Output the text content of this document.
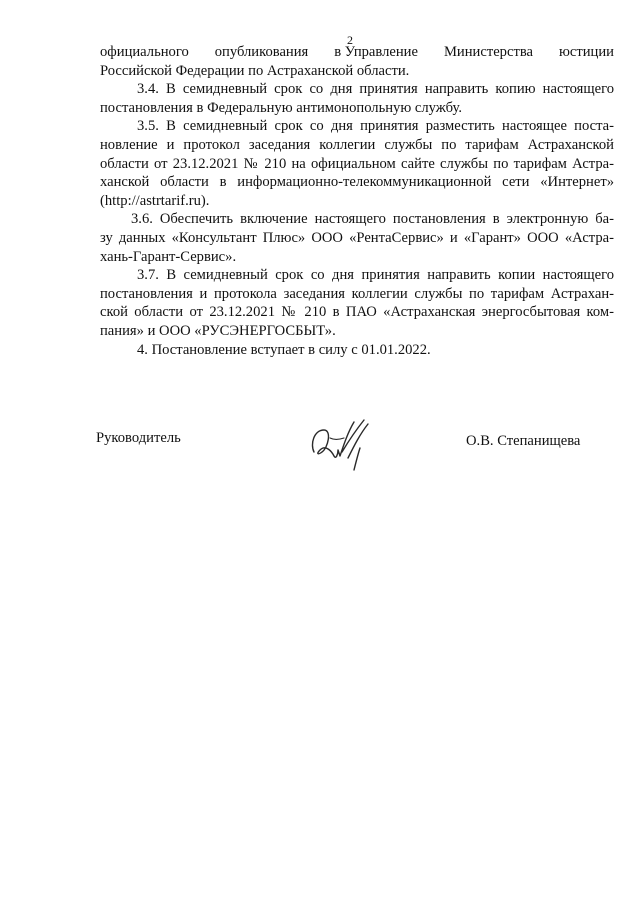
2
официального опубликования в Управление Министерства юстиции
Российской Федерации по Астраханской области.
3.4. В семидневный срок со дня принятия направить копию настоящего
постановления в Федеральную антимонопольную службу.
3.5. В семидневный срок со дня принятия разместить настоящее поста-
новление и протокол заседания коллегии службы по тарифам Астраханской
области от 23.12.2021 № 210 на официальном сайте службы по тарифам Астра-
ханской области в информационно-телекоммуникационной сети «Интернет»
(http://astrtarif.ru).
3.6. Обеспечить включение настоящего постановления в электронную ба-
зу данных «Консультант Плюс» ООО «РентаСервис» и «Гарант» ООО «Астра-
хань-Гарант-Сервис».
3.7. В семидневный срок со дня принятия направить копии настоящего
постановления и протокола заседания коллегии службы по тарифам Астрахан-
ской области от 23.12.2021 № 210 в ПАО «Астраханская энергосбытовая ком-
пания» и ООО «РУСЭНЕРГОСБЫТ».
4. Постановление вступает в силу с 01.01.2022.
Руководитель	О.В. Степанищева
